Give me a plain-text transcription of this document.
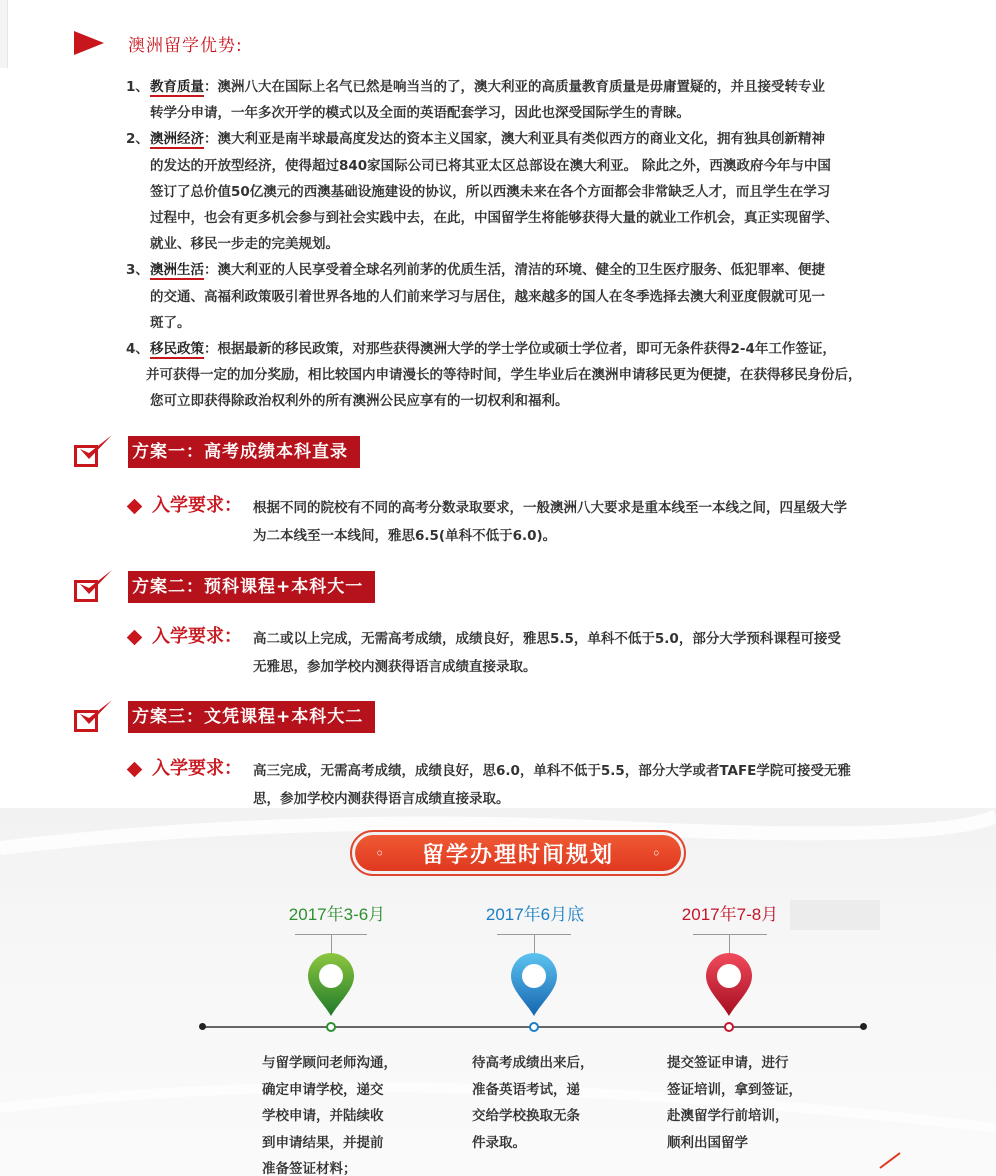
澳洲留学优势:
1、 教育质量：澳洲八大在国际上名气已然是响当当的了，澳大利亚的高质量教育质量是毋庸置疑的，并且接受转专业
转学分申请，一年多次开学的模式以及全面的英语配套学习，因此也深受国际学生的青睐。
2、 澳洲经济：澳大利亚是南半球最高度发达的资本主义国家，澳大利亚具有类似西方的商业文化，拥有独具创新精神
的发达的开放型经济，使得超过840家国际公司已将其亚太区总部设在澳大利亚。 除此之外，西澳政府今年与中国
签订了总价值50亿澳元的西澳基础设施建设的协议，所以西澳未来在各个方面都会非常缺乏人才，而且学生在学习
过程中，也会有更多机会参与到社会实践中去，在此，中国留学生将能够获得大量的就业工作机会，真正实现留学、
就业、移民一步走的完美规划。
3、 澳洲生活：澳大利亚的人民享受着全球名列前茅的优质生活，清洁的环境、健全的卫生医疗服务、低犯罪率、便捷
的交通、高福利政策吸引着世界各地的人们前来学习与居住，越来越多的国人在冬季选择去澳大利亚度假就可见一
斑了。
4、 移民政策：根据最新的移民政策，对那些获得澳洲大学的学士学位或硕士学位者，即可无条件获得2-4年工作签证，
并可获得一定的加分奖励，相比较国内申请漫长的等待时间，学生毕业后在澳洲申请移民更为便捷，在获得移民身份后，
您可立即获得除政治权利外的所有澳洲公民应享有的一切权利和福利。
方案一：高考成绩本科直录
入学要求： 根据不同的院校有不同的高考分数录取要求，一般澳洲八大要求是重本线至一本线之间，四星级大学
为二本线至一本线间，雅思6.5(单科不低于6.0)。
方案二：预科课程+本科大一
入学要求： 高二或以上完成，无需高考成绩，成绩良好，雅思5.5，单科不低于5.0，部分大学预科课程可接受
无雅思，参加学校内测获得语言成绩直接录取。
方案三：文凭课程+本科大二
入学要求： 高三完成，无需高考成绩，成绩良好，思6.0，单科不低于5.5，部分大学或者TAFE学院可接受无雅
思，参加学校内测获得语言成绩直接录取。
◦ 留学办理时间规划 ◦
2017年3-6月	2017年6月底	2017年7-8月
与留学顾问老师沟通，
确定申请学校，递交
学校申请，并陆续收
到申请结果，并提前
准备签证材料；
待高考成绩出来后，
准备英语考试，递
交给学校换取无条
件录取。
提交签证申请，进行
签证培训，拿到签证，
赴澳留学行前培训，
顺利出国留学
